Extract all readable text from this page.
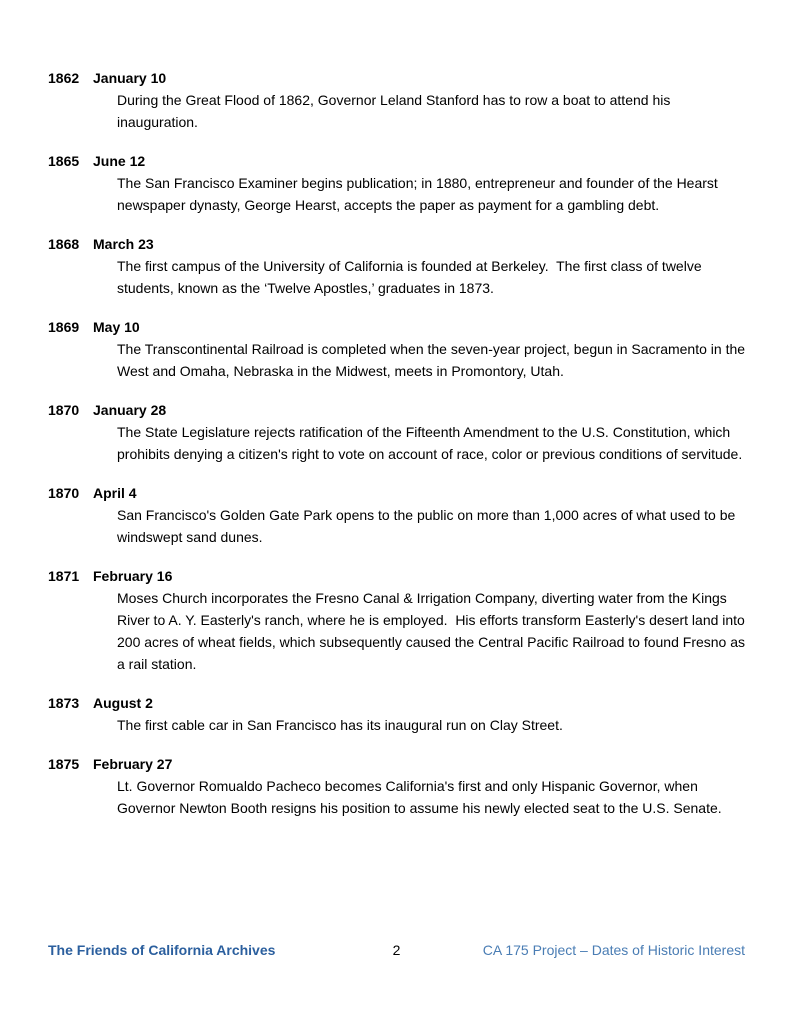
1862 January 10
During the Great Flood of 1862, Governor Leland Stanford has to row a boat to attend his inauguration.
1865 June 12
The San Francisco Examiner begins publication; in 1880, entrepreneur and founder of the Hearst newspaper dynasty, George Hearst, accepts the paper as payment for a gambling debt.
1868 March 23
The first campus of the University of California is founded at Berkeley.  The first class of twelve students, known as the ‘Twelve Apostles,’ graduates in 1873.
1869 May 10
The Transcontinental Railroad is completed when the seven-year project, begun in Sacramento in the West and Omaha, Nebraska in the Midwest, meets in Promontory, Utah.
1870 January 28
The State Legislature rejects ratification of the Fifteenth Amendment to the U.S. Constitution, which prohibits denying a citizen's right to vote on account of race, color or previous conditions of servitude.
1870 April 4
San Francisco's Golden Gate Park opens to the public on more than 1,000 acres of what used to be windswept sand dunes.
1871 February 16
Moses Church incorporates the Fresno Canal & Irrigation Company, diverting water from the Kings River to A. Y. Easterly's ranch, where he is employed.  His efforts transform Easterly's desert land into 200 acres of wheat fields, which subsequently caused the Central Pacific Railroad to found Fresno as a rail station.
1873 August 2
The first cable car in San Francisco has its inaugural run on Clay Street.
1875 February 27
Lt. Governor Romualdo Pacheco becomes California's first and only Hispanic Governor, when Governor Newton Booth resigns his position to assume his newly elected seat to the U.S. Senate.
The Friends of California Archives	2	CA 175 Project – Dates of Historic Interest
